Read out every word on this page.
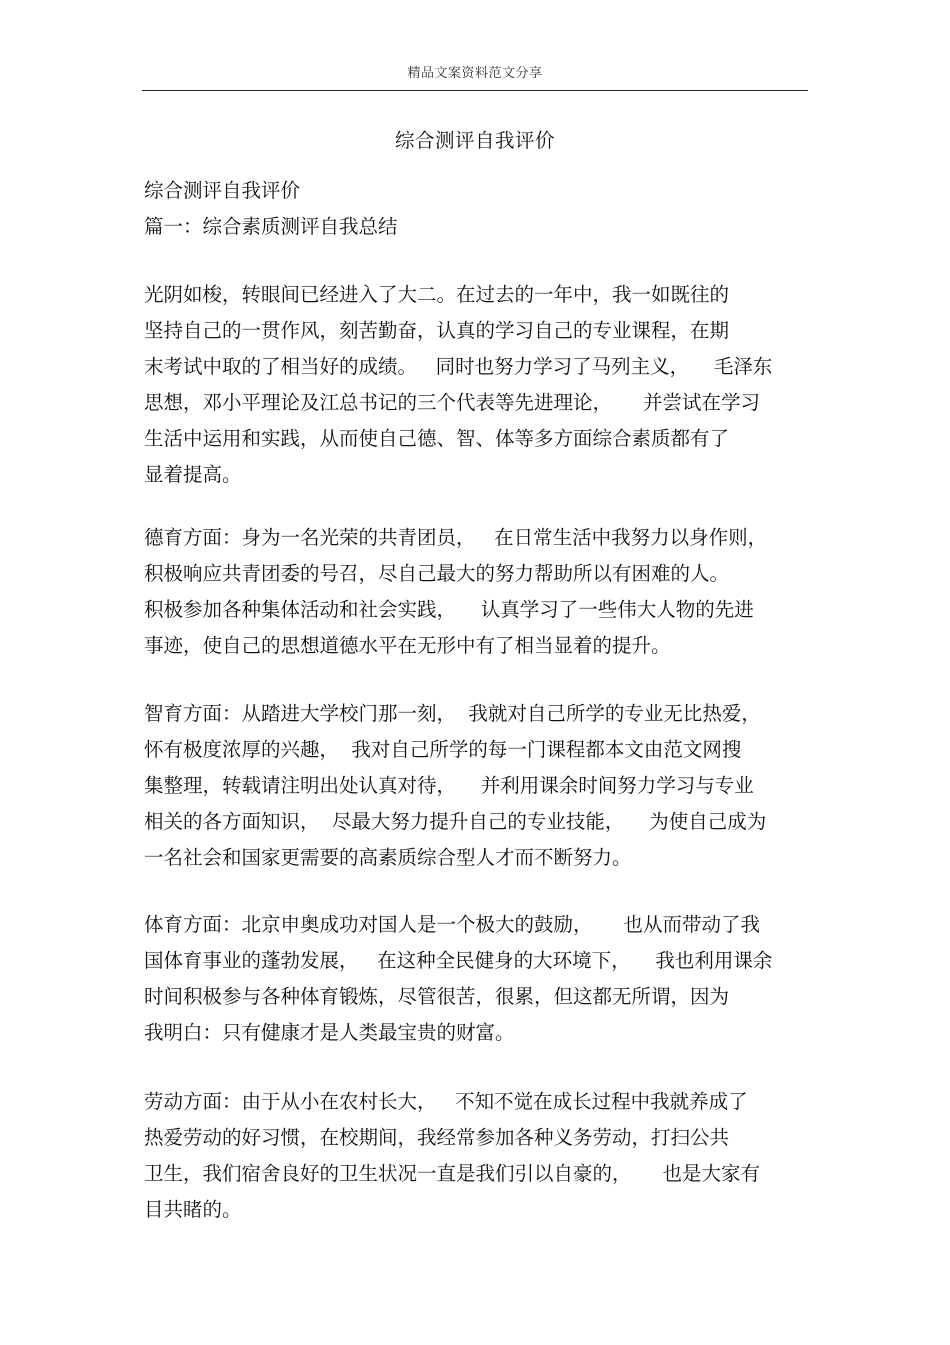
精品文案资料范文分享
综合测评自我评价
综合测评自我评价
篇一：综合素质测评自我总结
光阴如梭，转眼间已经进入了大二。在过去的一年中，我一如既往的
坚持自己的一贯作风，刻苦勤奋，认真的学习自己的专业课程，在期
末考试中取的了相当好的成绩。   同时也努力学习了马列主义，    毛泽东
思想，邓小平理论及江总书记的三个代表等先进理论，     并尝试在学习
生活中运用和实践，从而使自己德、智、体等多方面综合素质都有了
显着提高。
德育方面：身为一名光荣的共青团员，   在日常生活中我努力以身作则，
积极响应共青团委的号召，尽自己最大的努力帮助所以有困难的人。
积极参加各种集体活动和社会实践，    认真学习了一些伟大人物的先进
事迹，使自己的思想道德水平在无形中有了相当显着的提升。
智育方面：从踏进大学校门那一刻，  我就对自己所学的专业无比热爱，
怀有极度浓厚的兴趣，  我对自己所学的每一门课程都本文由范文网搜
集整理，转载请注明出处认真对待，    并利用课余时间努力学习与专业
相关的各方面知识，  尽最大努力提升自己的专业技能，    为使自己成为
一名社会和国家更需要的高素质综合型人才而不断努力。
体育方面：北京申奥成功对国人是一个极大的鼓励，     也从而带动了我
国体育事业的蓬勃发展，   在这种全民健身的大环境下，    我也利用课余
时间积极参与各种体育锻炼，尽管很苦，很累，但这都无所谓，因为
我明白：只有健康才是人类最宝贵的财富。
劳动方面：由于从小在农村长大，   不知不觉在成长过程中我就养成了
热爱劳动的好习惯，在校期间，我经常参加各种义务劳动，打扫公共
卫生，我们宿舍良好的卫生状况一直是我们引以自豪的，     也是大家有
目共睹的。
